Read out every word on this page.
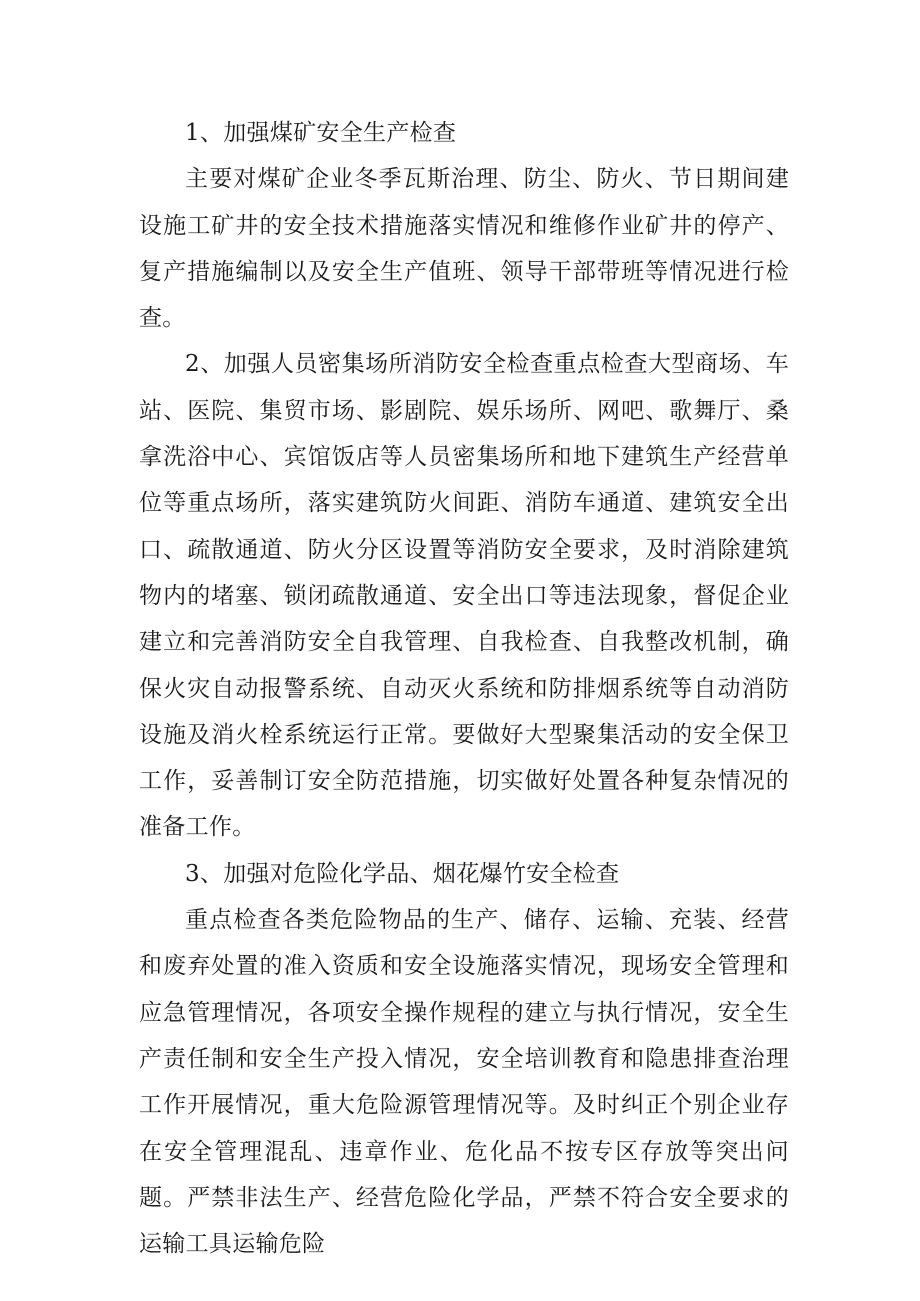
1、加强煤矿安全生产检查

主要对煤矿企业冬季瓦斯治理、防尘、防火、节日期间建设施工矿井的安全技术措施落实情况和维修作业矿井的停产、复产措施编制以及安全生产值班、领导干部带班等情况进行检查。

2、加强人员密集场所消防安全检查重点检查大型商场、车站、医院、集贸市场、影剧院、娱乐场所、网吧、歌舞厅、桑拿洗浴中心、宾馆饭店等人员密集场所和地下建筑生产经营单位等重点场所，落实建筑防火间距、消防车通道、建筑安全出口、疏散通道、防火分区设置等消防安全要求，及时消除建筑物内的堵塞、锁闭疏散通道、安全出口等违法现象，督促企业建立和完善消防安全自我管理、自我检查、自我整改机制，确保火灾自动报警系统、自动灭火系统和防排烟系统等自动消防设施及消火栓系统运行正常。要做好大型聚集活动的安全保卫工作，妥善制订安全防范措施，切实做好处置各种复杂情况的准备工作。

3、加强对危险化学品、烟花爆竹安全检查

重点检查各类危险物品的生产、储存、运输、充装、经营和废弃处置的准入资质和安全设施落实情况，现场安全管理和应急管理情况，各项安全操作规程的建立与执行情况，安全生产责任制和安全生产投入情况，安全培训教育和隐患排查治理工作开展情况，重大危险源管理情况等。及时纠正个别企业存在安全管理混乱、违章作业、危化品不按专区存放等突出问题。严禁非法生产、经营危险化学品，严禁不符合安全要求的运输工具运输危险
